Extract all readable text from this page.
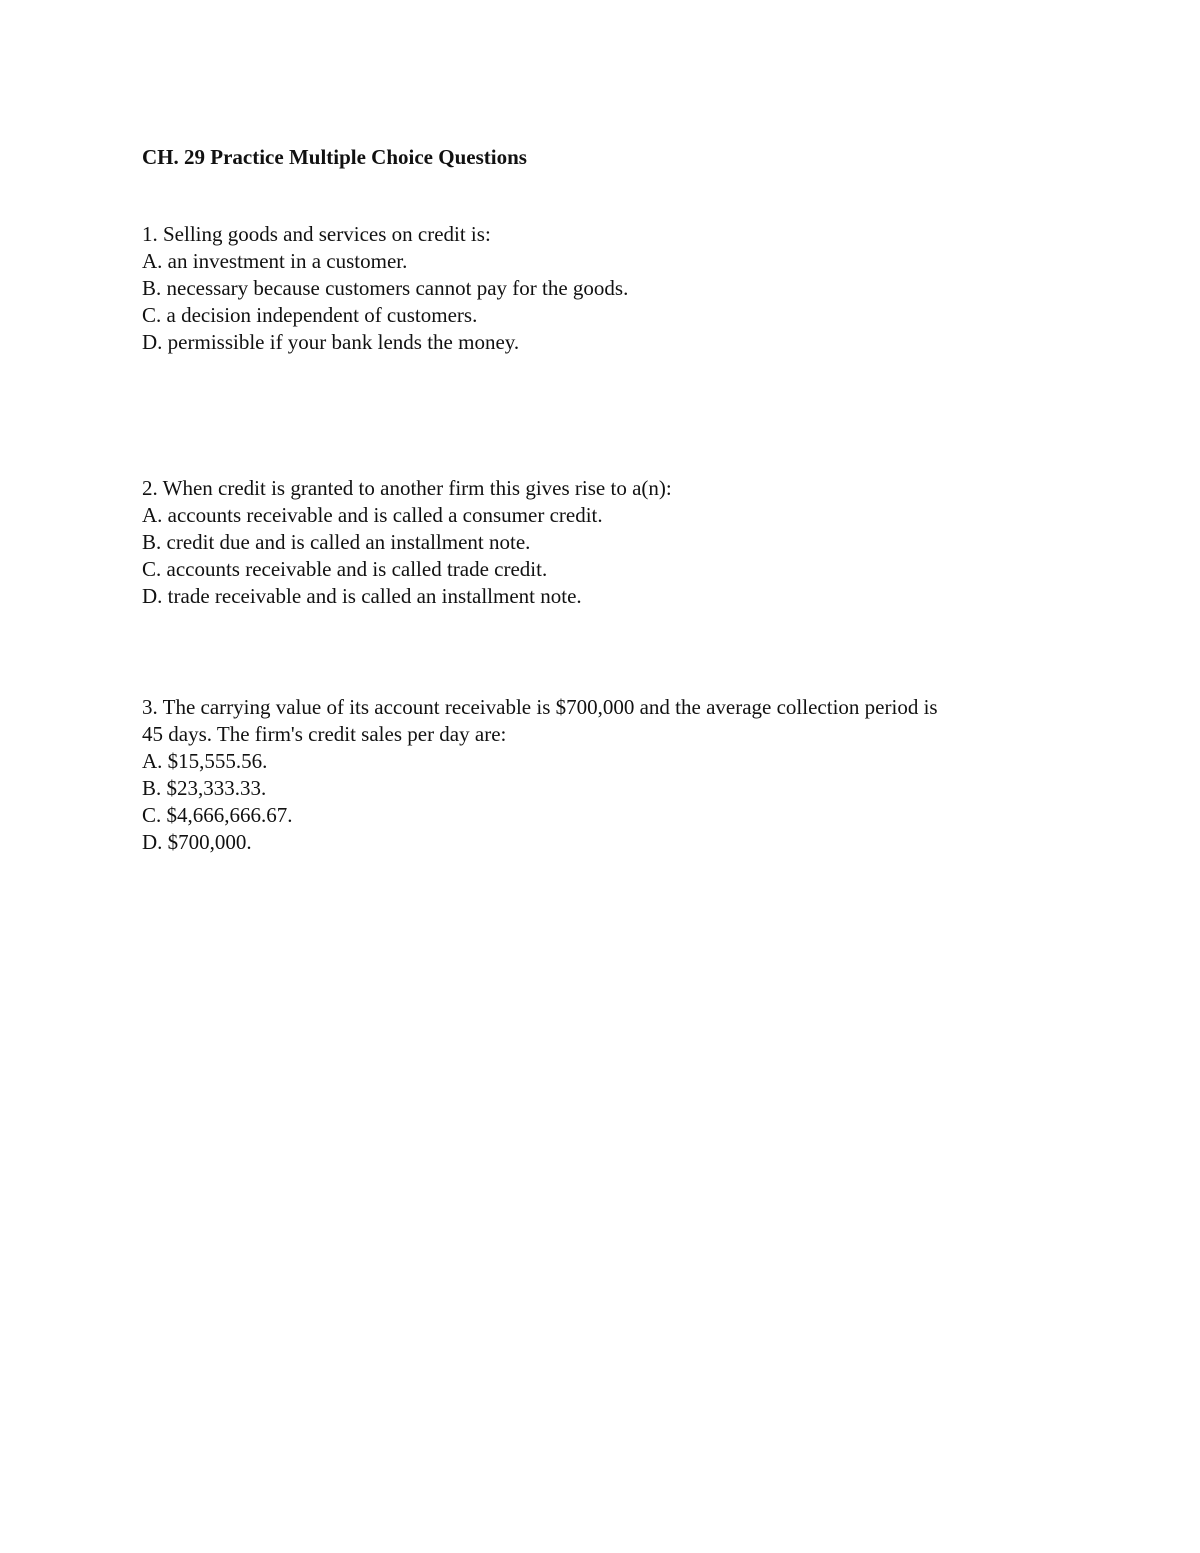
CH. 29 Practice Multiple Choice Questions

1. Selling goods and services on credit is:

A. an investment in a customer.

B. necessary because customers cannot pay for the goods.

C. a decision independent of customers.

D. permissible if your bank lends the money.

2. When credit is granted to another firm this gives rise to a(n):

A. accounts receivable and is called a consumer credit.

B. credit due and is called an installment note.

C. accounts receivable and is called trade credit.

D. trade receivable and is called an installment note.

3. The carrying value of its account receivable is $700,000 and the average collection period is

45 days. The firm's credit sales per day are:

A. $15,555.56.

B. $23,333.33.

C. $4,666,666.67.

D. $700,000.
